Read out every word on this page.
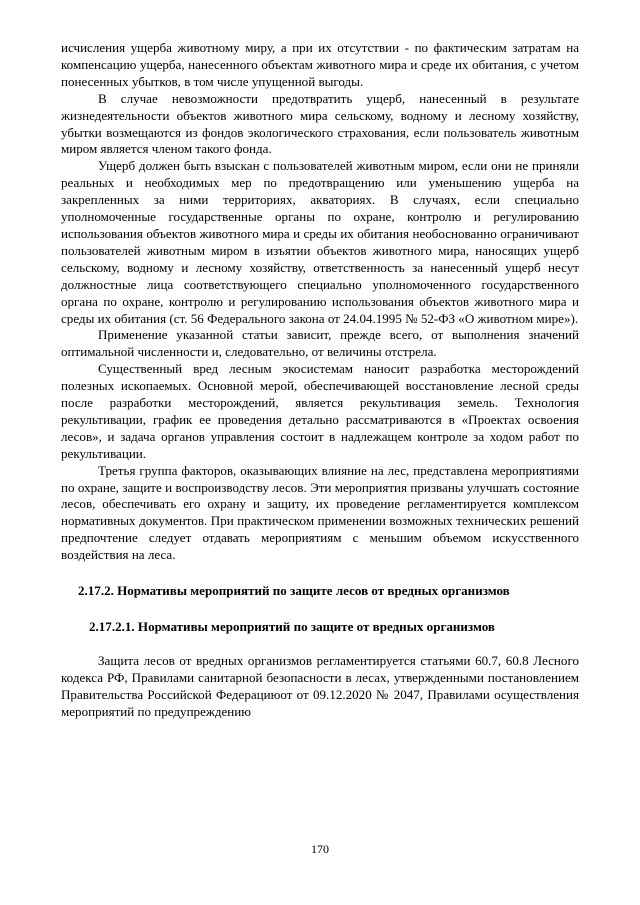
исчисления ущерба животному миру, а при их отсутствии - по фактическим затратам на компенсацию ущерба, нанесенного объектам животного мира и среде их обитания, с учетом понесенных убытков, в том числе упущенной выгоды.

В случае невозможности предотвратить ущерб, нанесенный в результате жизнедеятельности объектов животного мира сельскому, водному и лесному хозяйству, убытки возмещаются из фондов экологического страхования, если пользователь животным миром является членом такого фонда.

Ущерб должен быть взыскан с пользователей животным миром, если они не приняли реальных и необходимых мер по предотвращению или уменьшению ущерба на закрепленных за ними территориях, акваториях. В случаях, если специально уполномоченные государственные органы по охране, контролю и регулированию использования объектов животного мира и среды их обитания необоснованно ограничивают пользователей животным миром в изъятии объектов животного мира, наносящих ущерб сельскому, водному и лесному хозяйству, ответственность за нанесенный ущерб несут должностные лица соответствующего специально уполномоченного государственного органа по охране, контролю и регулированию использования объектов животного мира и среды их обитания (ст. 56 Федерального закона от 24.04.1995 № 52-ФЗ «О животном мире»).

Применение указанной статьи зависит, прежде всего, от выполнения значений оптимальной численности и, следовательно, от величины отстрела.

Существенный вред лесным экосистемам наносит разработка месторождений полезных ископаемых. Основной мерой, обеспечивающей восстановление лесной среды после разработки месторождений, является рекультивация земель. Технология рекультивации, график ее проведения детально рассматриваются в «Проектах освоения лесов», и задача органов управления состоит в надлежащем контроле за ходом работ по рекультивации.

Третья группа факторов, оказывающих влияние на лес, представлена мероприятиями по охране, защите и воспроизводству лесов. Эти мероприятия призваны улучшать состояние лесов, обеспечивать его охрану и защиту, их проведение регламентируется комплексом нормативных документов. При практическом применении возможных технических решений предпочтение следует отдавать мероприятиям с меньшим объемом искусственного воздействия на леса.

2.17.2. Нормативы мероприятий по защите лесов от вредных организмов

2.17.2.1. Нормативы мероприятий по защите от вредных организмов

Защита лесов от вредных организмов регламентируется статьями 60.7, 60.8 Лесного кодекса РФ, Правилами санитарной безопасности в лесах, утвержденными постановлением Правительства Российской Федерациюот от 09.12.2020 № 2047, Правилами осуществления мероприятий по предупреждению

170
